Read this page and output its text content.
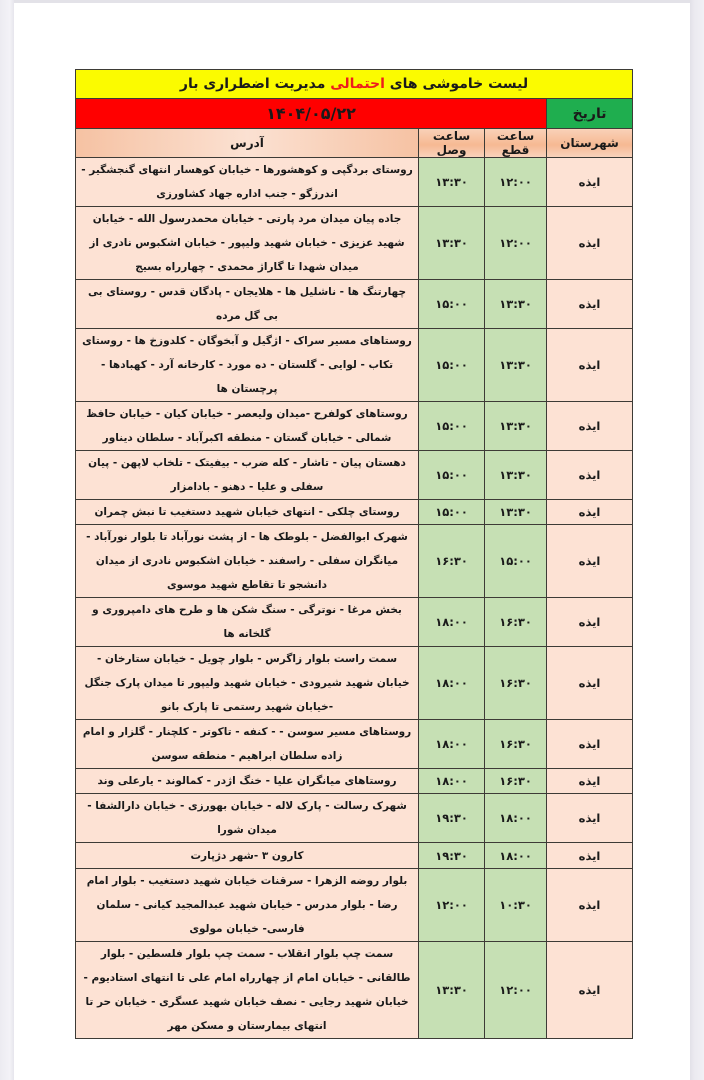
لیست خاموشی های احتمالی مدیریت اضطراری بار			
تاریخ	۱۴۰۴/۰۵/۲۲		
شهرستان	ساعت قطع	ساعت وصل	آدرس
ایذه	۱۲:۰۰	۱۳:۳۰	روستای بردگپی و کوهشورها - خیابان کوهسار انتهای گنجشگیر - اندرزگو - جنب اداره جهاد کشاورزی
ایذه	۱۲:۰۰	۱۳:۳۰	جاده پیان میدان مرد پارتی - خیابان محمدرسول الله - خیابان شهید عزیزی - خیابان شهید ولیپور - خیابان اشکبوس نادری از میدان شهدا تا گاراژ محمدی - چهارراه بسیج
ایذه	۱۳:۳۰	۱۵:۰۰	چهارتنگ ها - ناشلیل ها - هلایجان - پادگان قدس - روستای بی بی گل مرده
ایذه	۱۳:۳۰	۱۵:۰۰	روستاهای مسیر سراک - اژگیل و آبخوگان - کلدوزخ ها - روستای تکاب - لوایی - گلستان - ده مورد - کارخانه آرد - کهبادها - پرچستان ها
ایذه	۱۳:۳۰	۱۵:۰۰	روستاهای کولفرح -میدان ولیعصر - خیابان کیان - خیابان حافظ شمالی - خیابان گستان - منطقه اکبرآباد - سلطان دیناور
ایذه	۱۳:۳۰	۱۵:۰۰	دهستان پیان - تاشار - کله ضرب - بیفیتک - تلخاب لاپهن - پیان سفلی و علیا - دهنو - بادامزار
ایذه	۱۳:۳۰	۱۵:۰۰	روستای چلکی - انتهای خیابان شهید دستغیب تا نبش چمران
ایذه	۱۵:۰۰	۱۶:۳۰	شهرک ابوالفضل - بلوطک ها - از پشت نورآباد تا بلوار نورآباد - میانگران سفلی - راسفند - خیابان اشکبوس نادری از میدان دانشجو تا تقاطع شهید موسوی
ایذه	۱۶:۳۰	۱۸:۰۰	بخش مرغا - نوترگی - سنگ شکن ها و طرح های دامپروری و گلخانه ها
ایذه	۱۶:۳۰	۱۸:۰۰	سمت راست بلوار زاگرس - بلوار چویل - خیابان ستارخان - خیابان شهید شیرودی - خیابان شهید ولیپور تا میدان پارک جنگل -خیابان شهید رستمی تا پارک بانو
ایذه	۱۶:۳۰	۱۸:۰۰	روستاهای مسیر سوسن - - کنفه - تاکوتر - کلچنار - گلزار و امام زاده سلطان ابراهیم - منطقه سوسن
ایذه	۱۶:۳۰	۱۸:۰۰	روستاهای میانگران علیا - خنگ اژدر - کمالوند - یارعلی وند
ایذه	۱۸:۰۰	۱۹:۳۰	شهرک رسالت - پارک لاله - خیابان بهورزی - خیابان دارالشفا - میدان شورا
ایذه	۱۸:۰۰	۱۹:۳۰	کارون ۳ -شهر دژپارت
ایذه	۱۰:۳۰	۱۲:۰۰	بلوار روضه الزهرا - سرقنات خیابان شهید دستغیب - بلوار امام رضا - بلوار مدرس - خیابان شهید عبدالمجید کیانی - سلمان فارسی- خیابان مولوی
ایذه	۱۲:۰۰	۱۳:۳۰	سمت چپ بلوار انقلاب - سمت چپ بلوار فلسطین - بلوار طالقانی - خیابان امام از چهارراه امام علی تا انتهای استادیوم - خیابان شهید رجایی - نصف خیابان شهید عسگری - خیابان حر تا انتهای بیمارستان و مسکن مهر
